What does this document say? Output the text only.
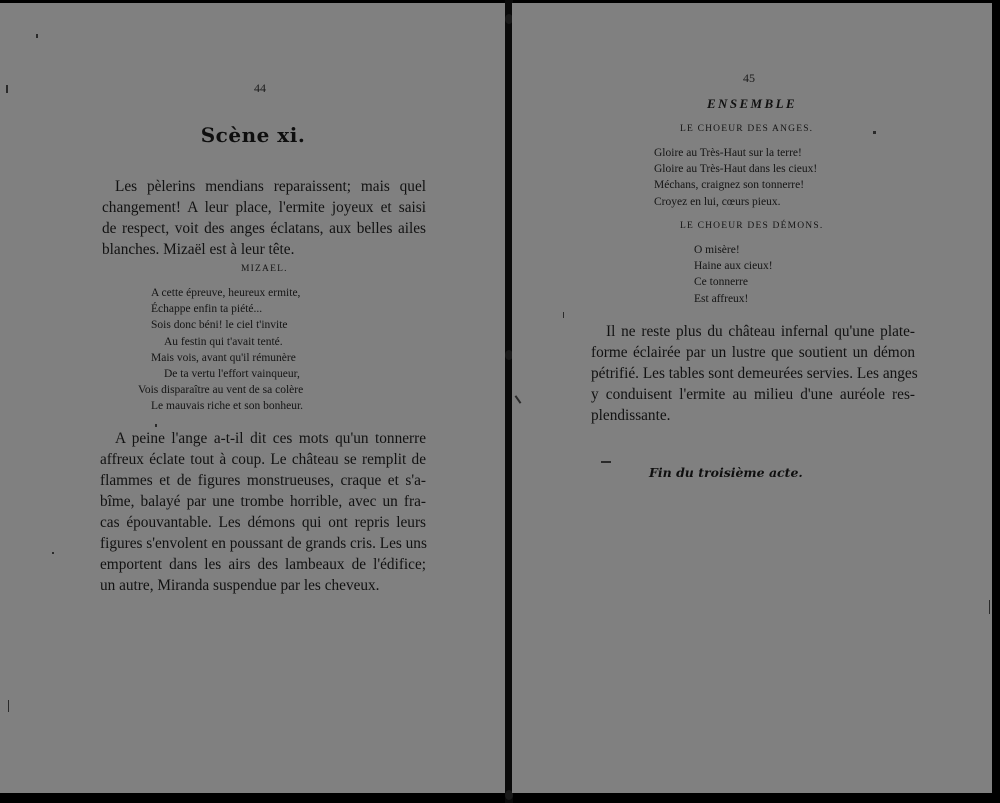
44
Scène xi.
Les pèlerins mendians reparaissent; mais quel
changement! A leur place, l'ermite joyeux et saisi
de respect, voit des anges éclatans, aux belles ailes
blanches. Mizaël est à leur tête.
MIZAEL.
A cette épreuve, heureux ermite,
Échappe enfin ta piété...
Sois donc béni! le ciel t'invite
Au festin qui t'avait tenté.
Mais vois, avant qu'il rémunère
De ta vertu l'effort vainqueur,
Vois disparaître au vent de sa colère
Le mauvais riche et son bonheur.
A peine l'ange a-t-il dit ces mots qu'un tonnerre
affreux éclate tout à coup. Le château se remplit de
flammes et de figures monstrueuses, craque et s'a-
bîme, balayé par une trombe horrible, avec un fra-
cas épouvantable. Les démons qui ont repris leurs
figures s'envolent en poussant de grands cris. Les uns
emportent dans les airs des lambeaux de l'édifice;
un autre, Miranda suspendue par les cheveux.
45
ENSEMBLE
LE CHOEUR DES ANGES.
Gloire au Très-Haut sur la terre!
Gloire au Très-Haut dans les cieux!
Méchans, craignez son tonnerre!
Croyez en lui, cœurs pieux.
LE CHOEUR DES DÉMONS.
O misère!
Haine aux cieux!
Ce tonnerre
Est affreux!
Il ne reste plus du château infernal qu'une plate-
forme éclairée par un lustre que soutient un démon
pétrifié. Les tables sont demeurées servies. Les anges
y conduisent l'ermite au milieu d'une auréole res-
plendissante.
Fin du troisième acte.
